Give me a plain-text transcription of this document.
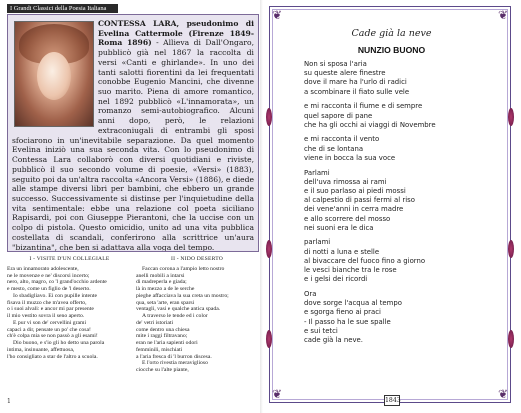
I Grandi Classici della Poesia Italiana
CONTESSA LARA, pseudonimo di Evelina Cattermole (Firenze 1849-Roma 1896) - Allieva di Dall'Ongaro, pubblicò già nel 1867 la raccolta di versi «Canti e ghirlande». In uno dei tanti salotti fiorentini da lei frequentati conobbe Eugenio Mancini, che divenne suo marito. Piena di amore romantico, nel 1892 pubblicò «L'innamorata», un romanzo semi-autobiografico. Alcuni anni dopo, però, le relazioni extraconiugali di entrambi gli sposi sfociarono in un'inevitabile separazione. Da quel momento Evelina iniziò una sua seconda vita. Con lo pseudonimo di Contessa Lara collaborò con diversi quotidiani e riviste, pubblicò il suo secondo volume di poesie, «Versi» (1883), seguito poi da un'altra raccolta «Ancora Versi» (1886), e diede alle stampe diversi libri per bambini, che ebbero un grande successo. Successivamente si distinse per l'inquietudine della vita sentimentale: ebbe una relazione col poeta siciliano Rapisardi, poi con Giuseppe Pierantoni, che la uccise con un colpo di pistola. Questo omicidio, unito ad una vita pubblica costellata di scandali, conferirono alla scrittrice un'aura "bizantina", che ben si adattava alla voga del tempo.
I - VISITE D'UN COLLEGIALE
Era un innamorato adolescente,
ne le movenze e ne' discorsi incerto;
nero, alto, magro, co 'l grand'occhio ardente
e mesto, come un figlio de 'l deserto.
Io sbadigliavo. Ei con pupille intente
fisava il muzzo che m'avea offerto,
o i suoi alvali: e ancor mi par presente
il mio vestito sovra il seno aperto.
E pur vi son de' cervellini grami
capaci a dir, pensate un po' che cosa!
ch'è colpa mia se non passò a gli esami!
Dio buono, e s'io gli ho detto una parola
intima, insinuante, affettuosa,
l'ho consigliato a star de l'altro a scuola.
II - NIDO DESERTO
Faccan corona a l'ampio letto nostro
anelli mobili a intarsi
di madreperla e giada;
là in mezzo a de le serche
pieghe affacciava la sua creta un mostro;
qua, seta 'arte, eran sparsi
ventagli, vasi e qualche antica spada.
A traverso le tende ed i color
de' vetri istoriati
come dentro una chiesa
mite i raggi filtravano;
eran ne l'aria sapienti odori
femminili, mischiati
a l'aria fresca di 'l burron discesa.
E l'orto rivestia meraviglioso
ciocche su l'alte piante,
1
❦	❦
❦	❦
Cade già la neve
NUNZIO BUONO
Non si sposa l'aria
su queste alere finestre
dove il mare ha l'urlo di radici
a scombinare il fiato sulle vele
e mi racconta il fiume e di sempre
quel sapore di pane
che ha gli occhi ai viaggi di Novembre
e mi racconta il vento
che di se lontana
viene in bocca la sua voce
Parlami
dell'uva rimossa ai rami
e il suo parlaso ai piedi mossi
al calpestio di passi fermi al riso
dei vene'anni in cerra madre
e allo scorrere del mosso
nei suoni era le dica
parlami
di notti a luna e stelle
al bivaccare del fuoco fino a giorno
le vesci bianche tra le rose
e i gelsi dei ricordi
Ora
dove sorge l'acqua al tempo
e sgorga fieno ai praci
- Il passo ha le sue spalle
e sui tetci
cade già la neve.
1843
